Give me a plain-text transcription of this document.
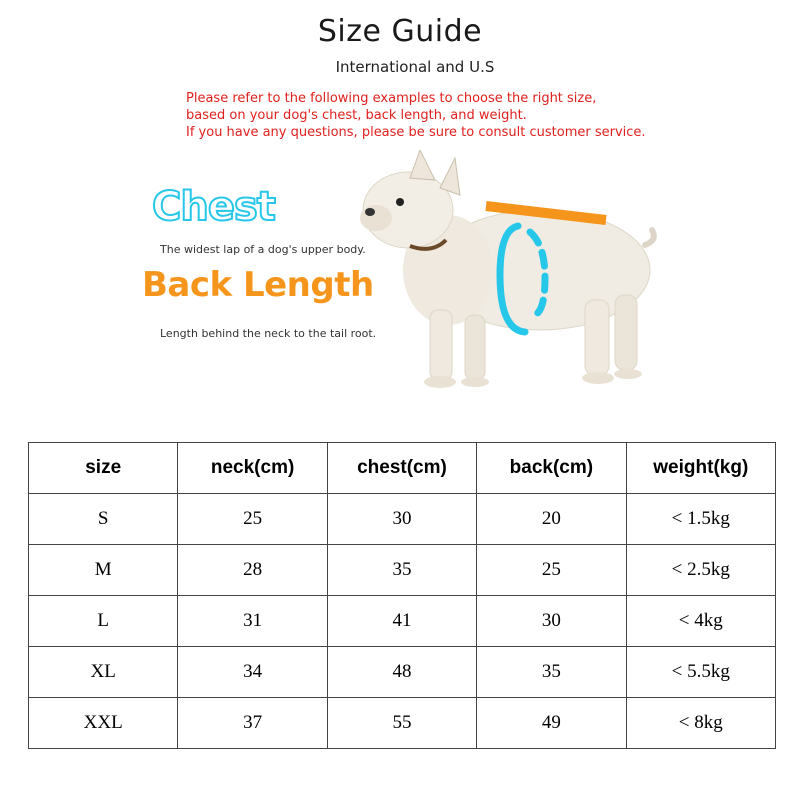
Size Guide
International and U.S
Please refer to the following examples to choose the right size,
based on your dog's chest, back length, and weight.
If you have any questions, please be sure to consult customer service.
Chest
The widest lap of a dog's upper body.
Back Length
Length behind the neck to the tail root.
size	neck(cm)	chest(cm)	back(cm)	weight(kg)
S	25	30	20	< 1.5kg
M	28	35	25	< 2.5kg
L	31	41	30	< 4kg
XL	34	48	35	< 5.5kg
XXL	37	55	49	< 8kg
